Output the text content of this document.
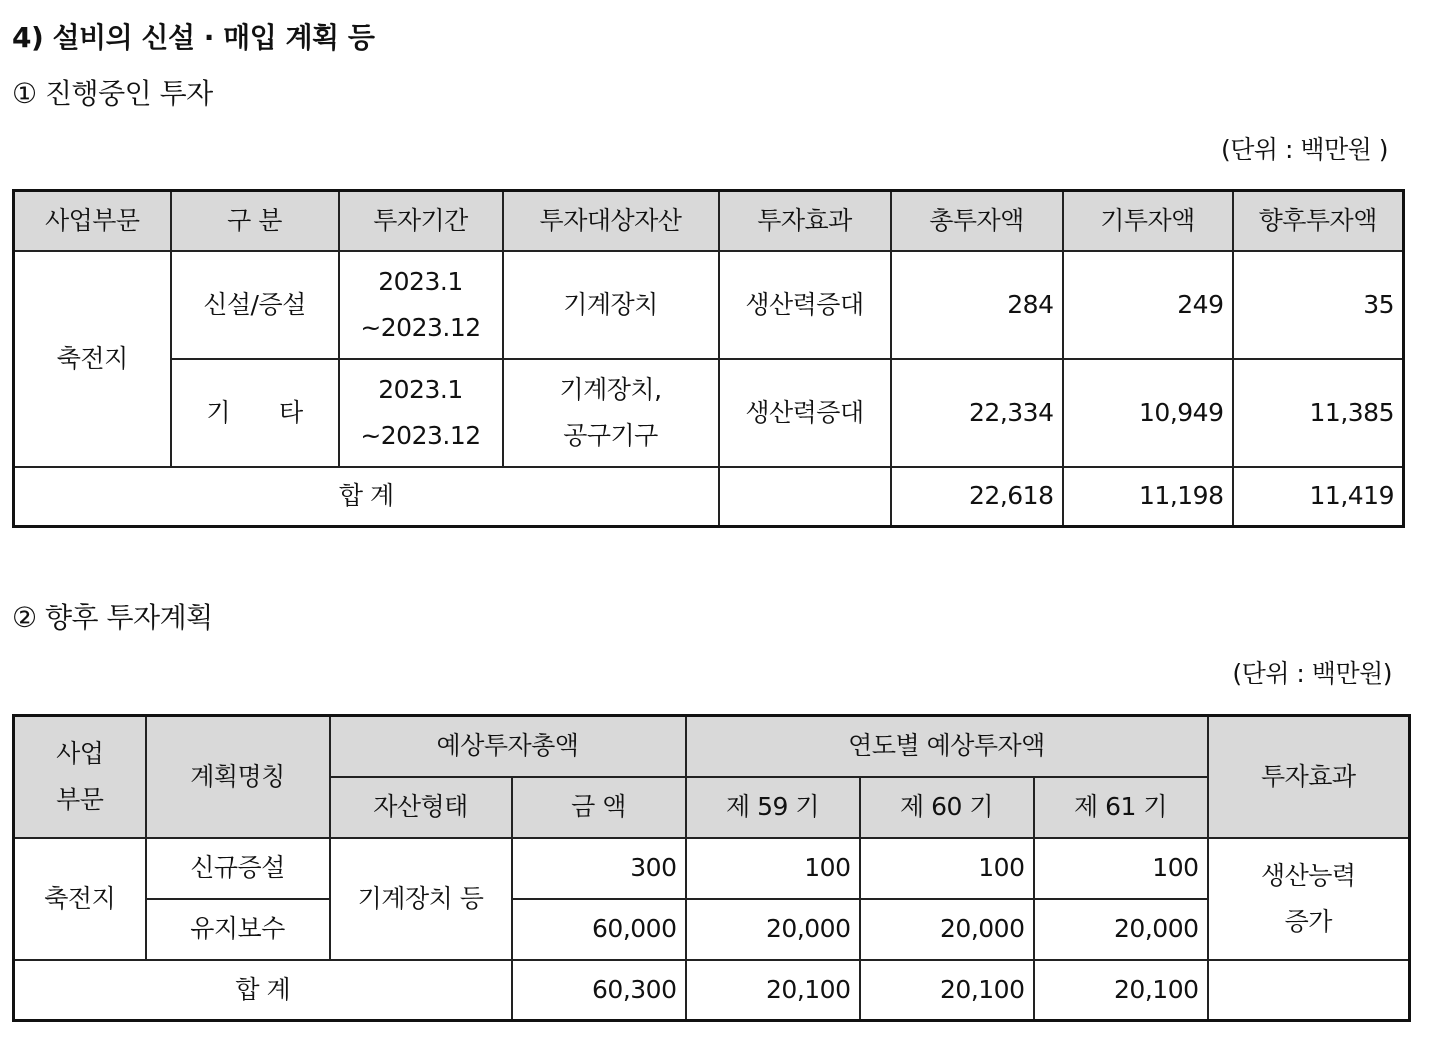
4) 설비의 신설 · 매입 계획 등
① 진행중인 투자
(단위 : 백만원 )
사업부문	구 분	투자기간	투자대상자산	투자효과	총투자액	기투자액	향후투자액
축전지	신설/증설	2023.1
~2023.12	기계장치	생산력증대	284	249	35
	기　　타	2023.1
~2023.12	기계장치,
공구기구	생산력증대	22,334	10,949	11,385
합 계					22,618	11,198	11,419
② 향후 투자계획
(단위 : 백만원)
사업
부문	계획명칭	예상투자총액		연도별 예상투자액			투자효과
		자산형태	금 액	제 59 기	제 60 기	제 61 기	
축전지	신규증설	기계장치 등	300	100	100	100	생산능력
증가

	유지보수		60,000	20,000	20,000	20,000	
합 계			60,300	20,100	20,100	20,100	
